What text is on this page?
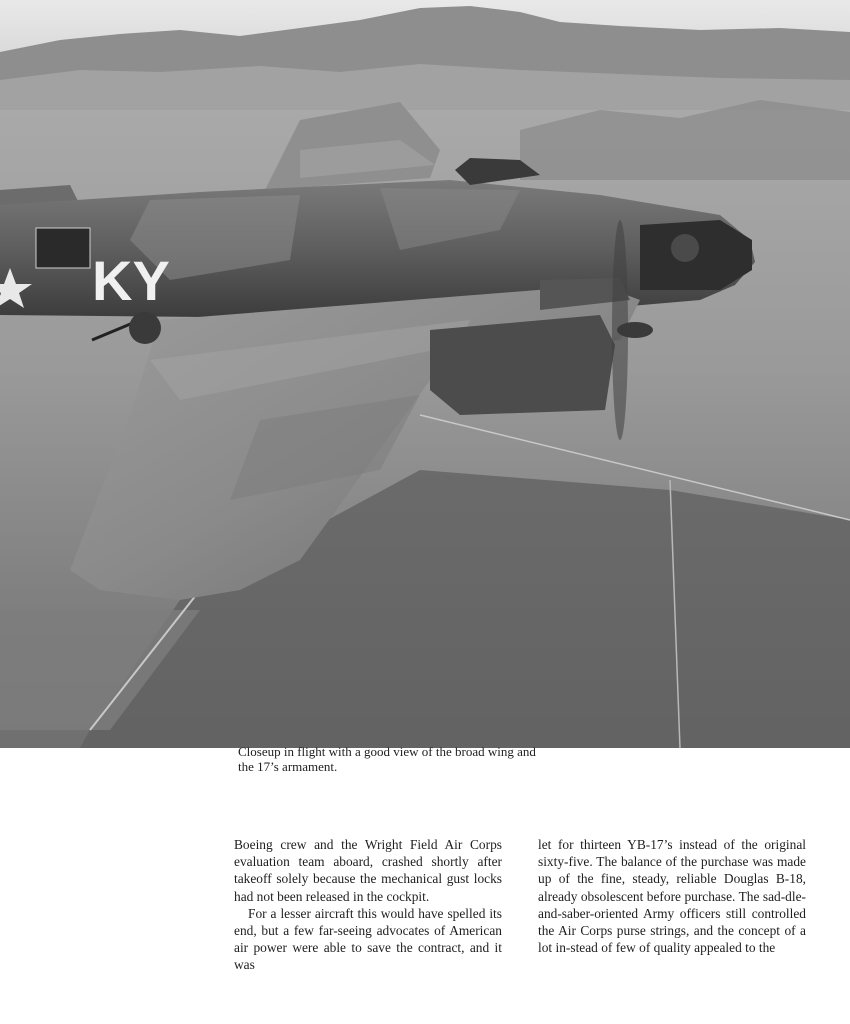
KY

Closeup in flight with a good view of the broad wing and

the 17’s armament.

Boeing crew and the Wright Field Air Corps evaluation team aboard, crashed shortly after takeoff solely because the mechanical gust locks had not been released in the cockpit.

For a lesser aircraft this would have spelled its end, but a few far-seeing advocates of American air power were able to save the contract, and it was

let for thirteen YB-17’s instead of the original sixty-five. The balance of the purchase was made up of the fine, steady, reliable Douglas B-18, already obsolescent before purchase. The sad-dle-and-saber-oriented Army officers still controlled the Air Corps purse strings, and the concept of a lot in-stead of few of quality appealed to the
